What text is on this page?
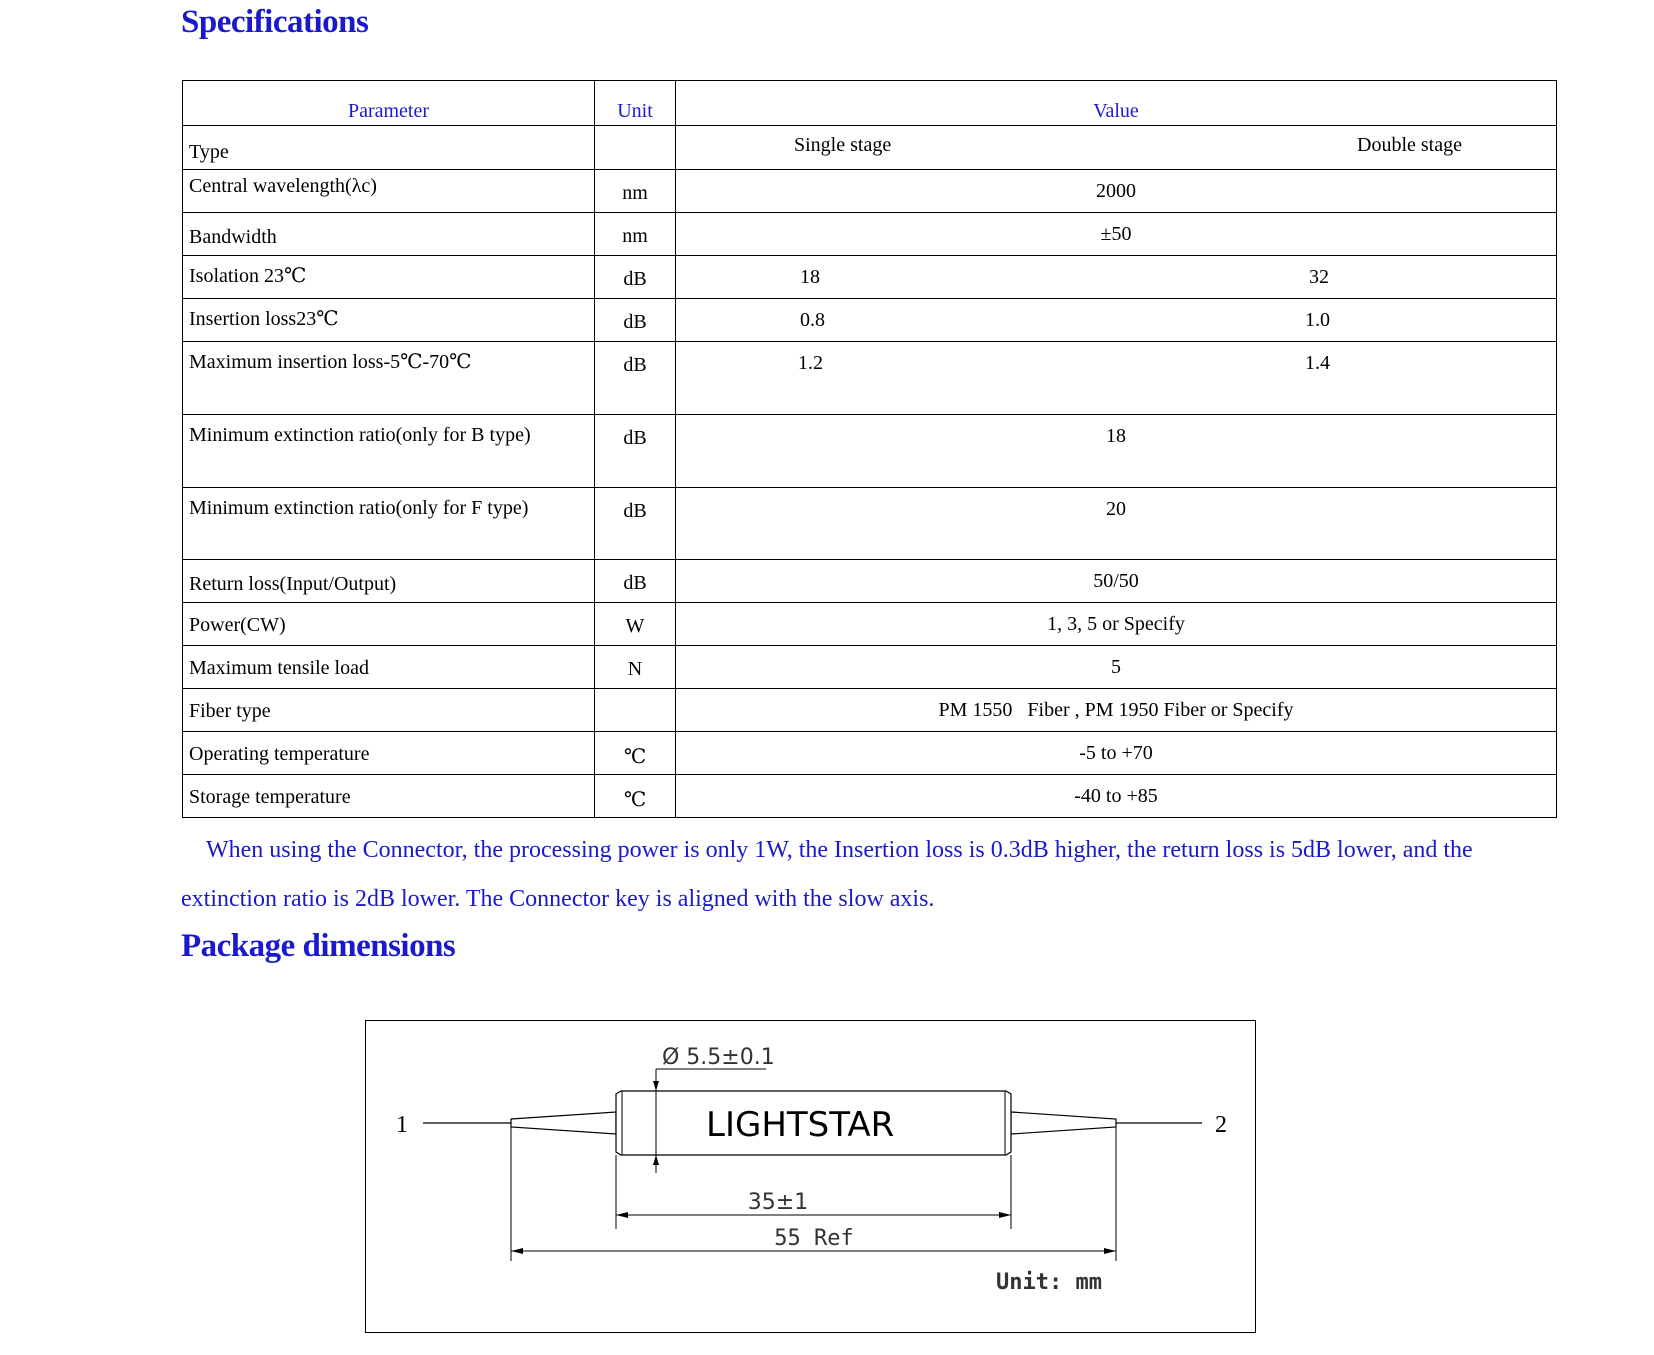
Specifications
Parameter	Unit	Value
Type		Single stage Double stage

Central wavelength(λc)	nm	2000
Bandwidth	nm	±50
Isolation 23℃	dB	18 32

Insertion loss23℃	dB	0.8 1.0

Maximum insertion loss-5℃-70℃	dB	1.2 1.4

Minimum extinction ratio(only for B type)	dB	18
Minimum extinction ratio(only for F type)	dB	20
Return loss(Input/Output)	dB	50/50
Power(CW)	W	1, 3, 5 or Specify
Maximum tensile load	N	5
Fiber type		PM 1550   Fiber , PM 1950 Fiber or Specify
Operating temperature	℃	-5 to +70
Storage temperature	℃	-40 to +85

When using the Connector, the processing power is only 1W, the Insertion loss is 0.3dB higher, the return loss is 5dB lower, and the extinction ratio is 2dB lower. The Connector key is aligned with the slow axis.

Package dimensions
Ø 5.5±0.1
LIGHTSTAR
1	2
35±1
55 Ref
Unit: mm
